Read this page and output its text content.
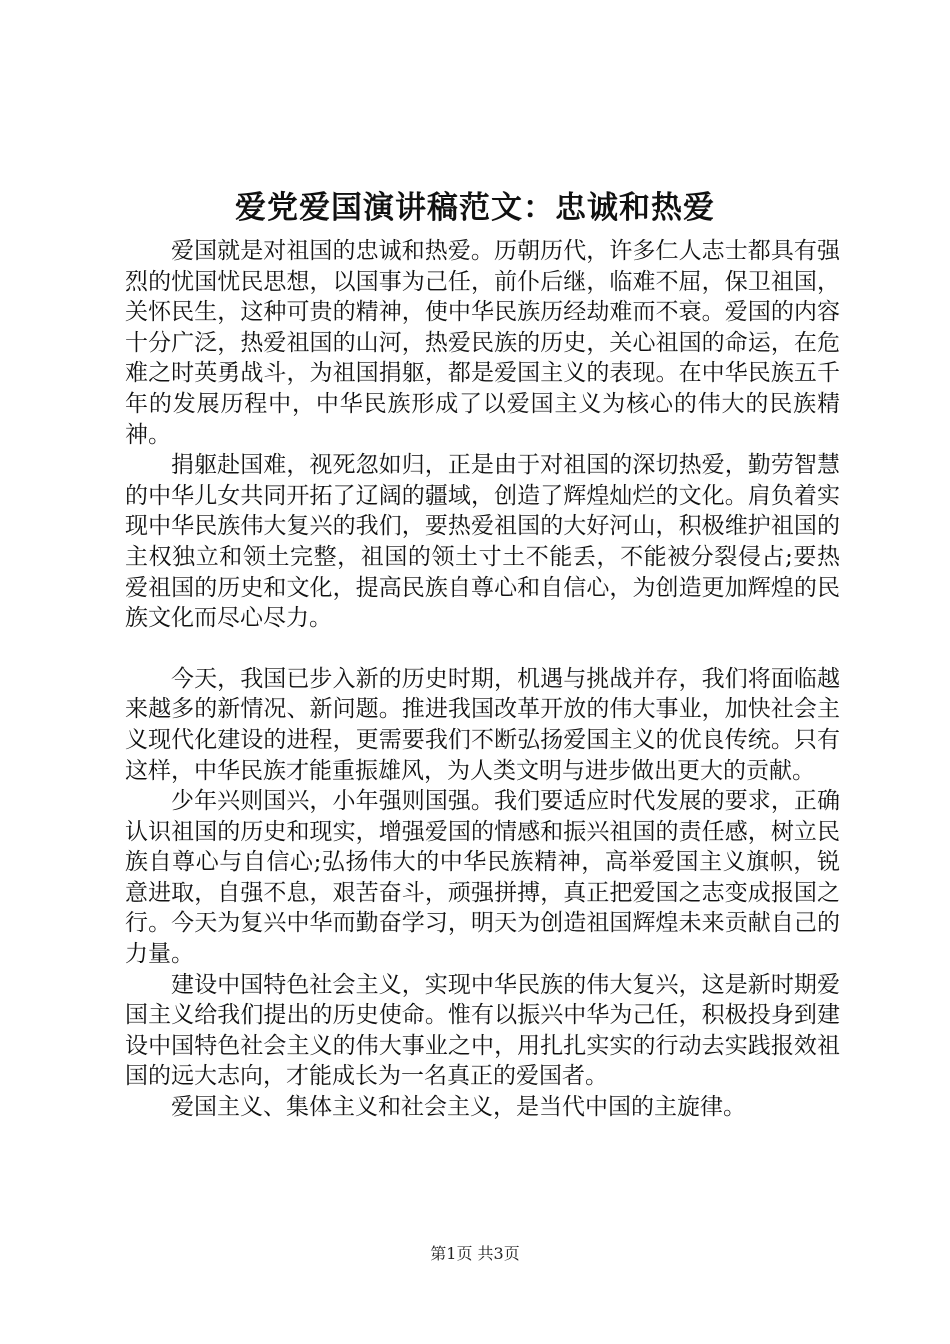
爱党爱国演讲稿范文：忠诚和热爱

爱国就是对祖国的忠诚和热爱。历朝历代，许多仁人志士都具有强烈的忧国忧民思想，以国事为己任，前仆后继，临难不屈，保卫祖国，关怀民生，这种可贵的精神，使中华民族历经劫难而不衰。爱国的内容十分广泛，热爱祖国的山河，热爱民族的历史，关心祖国的命运，在危难之时英勇战斗，为祖国捐躯，都是爱国主义的表现。在中华民族五千年的发展历程中，中华民族形成了以爱国主义为核心的伟大的民族精神。

捐躯赴国难，视死忽如归，正是由于对祖国的深切热爱，勤劳智慧的中华儿女共同开拓了辽阔的疆域，创造了辉煌灿烂的文化。肩负着实现中华民族伟大复兴的我们，要热爱祖国的大好河山，积极维护祖国的主权独立和领土完整，祖国的领土寸土不能丢，不能被分裂侵占;要热爱祖国的历史和文化，提高民族自尊心和自信心，为创造更加辉煌的民族文化而尽心尽力。

今天，我国已步入新的历史时期，机遇与挑战并存，我们将面临越来越多的新情况、新问题。推进我国改革开放的伟大事业，加快社会主义现代化建设的进程，更需要我们不断弘扬爱国主义的优良传统。只有这样，中华民族才能重振雄风，为人类文明与进步做出更大的贡献。

少年兴则国兴，小年强则国强。我们要适应时代发展的要求，正确认识祖国的历史和现实，增强爱国的情感和振兴祖国的责任感，树立民族自尊心与自信心;弘扬伟大的中华民族精神，高举爱国主义旗帜，锐意进取，自强不息，艰苦奋斗，顽强拼搏，真正把爱国之志变成报国之行。今天为复兴中华而勤奋学习，明天为创造祖国辉煌未来贡献自己的力量。

建设中国特色社会主义，实现中华民族的伟大复兴，这是新时期爱国主义给我们提出的历史使命。惟有以振兴中华为己任，积极投身到建设中国特色社会主义的伟大事业之中，用扎扎实实的行动去实践报效祖国的远大志向，才能成长为一名真正的爱国者。

爱国主义、集体主义和社会主义，是当代中国的主旋律。

第1页 共3页
